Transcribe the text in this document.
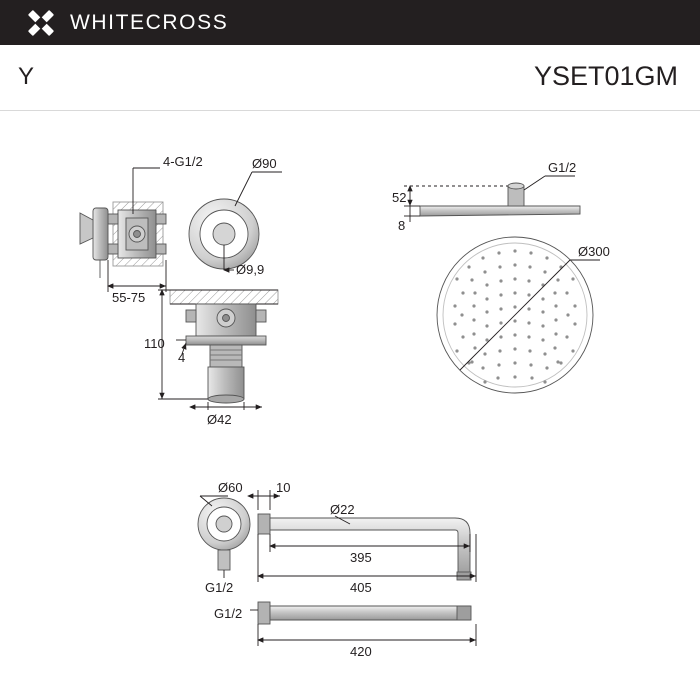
WHITECROSS
Y	YSET01GM
4-G1/2
55-75
Ø90
Ø9,9
110
4
Ø42
G1/2
52
8
Ø300
G1/2
Ø60	10
Ø22
395
405
G1/2
420
